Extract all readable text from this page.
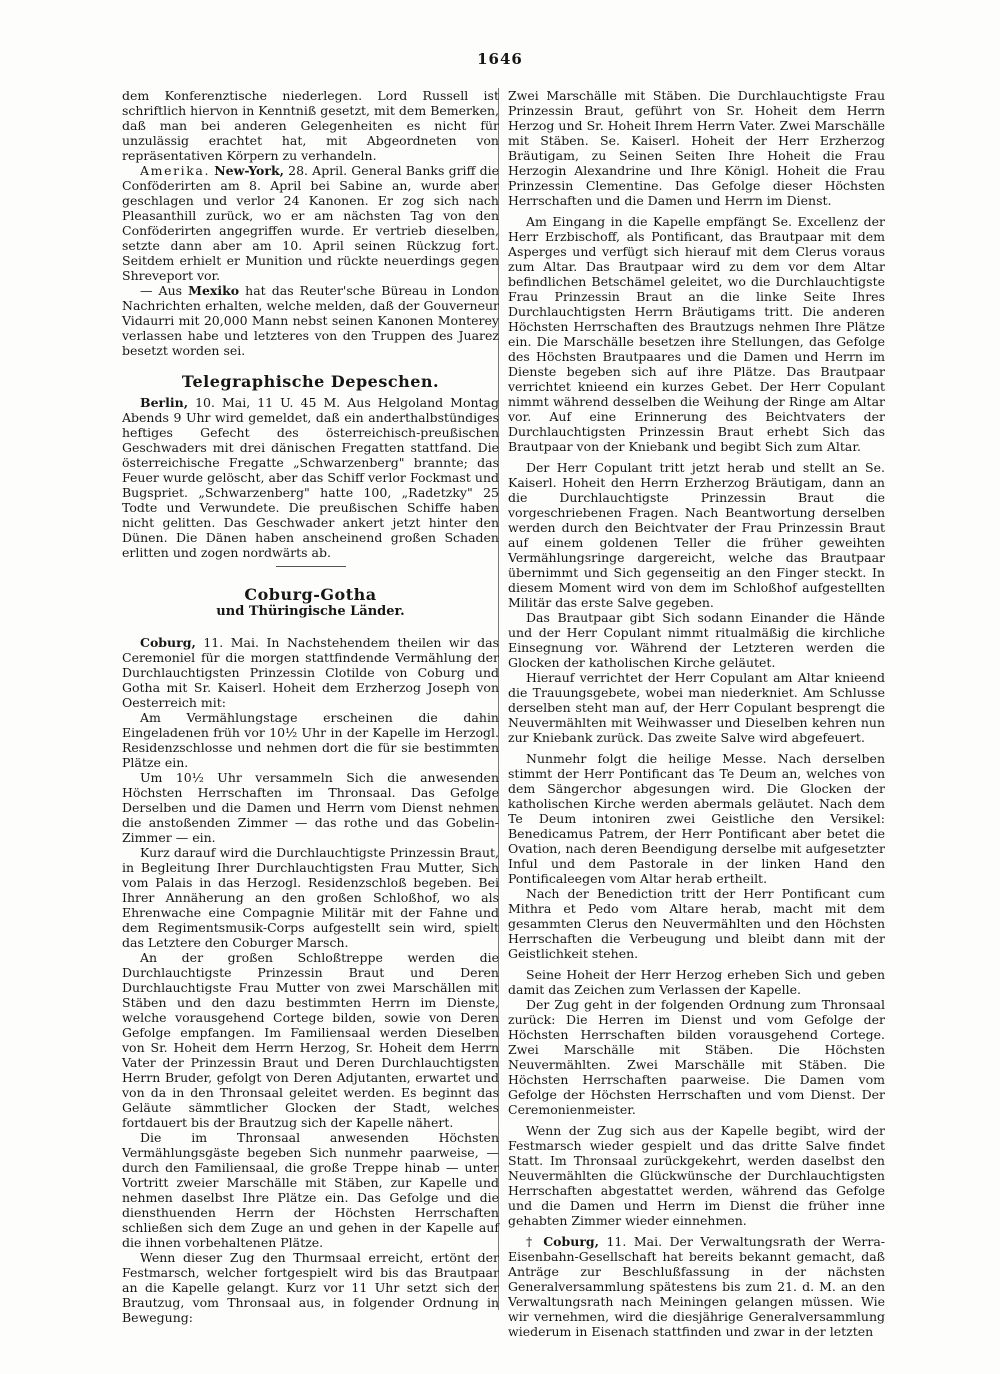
1646

dem Konferenztische niederlegen. Lord Russell ist schriftlich hiervon in Kenntniß gesetzt, mit dem Bemerken, daß man bei anderen Gelegenheiten es nicht für unzulässig erachtet hat, mit Abgeordneten von repräsentativen Körpern zu verhandeln.

Amerika. New-York, 28. April. General Banks griff die Conföderirten am 8. April bei Sabine an, wurde aber geschlagen und verlor 24 Kanonen. Er zog sich nach Pleasanthill zurück, wo er am nächsten Tag von den Conföderirten angegriffen wurde. Er vertrieb dieselben, setzte dann aber am 10. April seinen Rückzug fort. Seitdem erhielt er Munition und rückte neuerdings gegen Shreveport vor.

— Aus Mexiko hat das Reuter'sche Büreau in London Nachrichten erhalten, welche melden, daß der Gouverneur Vidaurri mit 20,000 Mann nebst seinen Kanonen Monterey verlassen habe und letzteres von den Truppen des Juarez besetzt worden sei.

Telegraphische Depeschen.

Berlin, 10. Mai, 11 U. 45 M. Aus Helgoland Montag Abends 9 Uhr wird gemeldet, daß ein anderthalbstündiges heftiges Gefecht des österreichisch-preußischen Geschwaders mit drei dänischen Fregatten stattfand. Die österreichische Fregatte „Schwarzenberg" brannte; das Feuer wurde gelöscht, aber das Schiff verlor Fockmast und Bugspriet. „Schwarzenberg" hatte 100, „Radetzky" 25 Todte und Verwundete. Die preußischen Schiffe haben nicht gelitten. Das Geschwader ankert jetzt hinter den Dünen. Die Dänen haben anscheinend großen Schaden erlitten und zogen nordwärts ab.

Coburg-Gotha
und Thüringische Länder.

Coburg, 11. Mai. In Nachstehendem theilen wir das Ceremoniel für die morgen stattfindende Vermählung der Durchlauchtigsten Prinzessin Clotilde von Coburg und Gotha mit Sr. Kaiserl. Hoheit dem Erzherzog Joseph von Oesterreich mit:

Am Vermählungstage erscheinen die dahin Eingeladenen früh vor 10½ Uhr in der Kapelle im Herzogl. Residenzschlosse und nehmen dort die für sie bestimmten Plätze ein.

Um 10½ Uhr versammeln Sich die anwesenden Höchsten Herrschaften im Thronsaal. Das Gefolge Derselben und die Damen und Herrn vom Dienst nehmen die anstoßenden Zimmer — das rothe und das Gobelin-Zimmer — ein.

Kurz darauf wird die Durchlauchtigste Prinzessin Braut, in Begleitung Ihrer Durchlauchtigsten Frau Mutter, Sich vom Palais in das Herzogl. Residenzschloß begeben. Bei Ihrer Annäherung an den großen Schloßhof, wo als Ehrenwache eine Compagnie Militär mit der Fahne und dem Regimentsmusik-Corps aufgestellt sein wird, spielt das Letztere den Coburger Marsch.

An der großen Schloßtreppe werden die Durchlauchtigste Prinzessin Braut und Deren Durchlauchtigste Frau Mutter von zwei Marschällen mit Stäben und den dazu bestimmten Herrn im Dienste, welche vorausgehend Cortege bilden, sowie von Deren Gefolge empfangen. Im Familiensaal werden Dieselben von Sr. Hoheit dem Herrn Herzog, Sr. Hoheit dem Herrn Vater der Prinzessin Braut und Deren Durchlauchtigsten Herrn Bruder, gefolgt von Deren Adjutanten, erwartet und von da in den Thronsaal geleitet werden. Es beginnt das Geläute sämmtlicher Glocken der Stadt, welches fortdauert bis der Brautzug sich der Kapelle nähert.

Die im Thronsaal anwesenden Höchsten Vermählungsgäste begeben Sich nunmehr paarweise, — durch den Familiensaal, die große Treppe hinab — unter Vortritt zweier Marschälle mit Stäben, zur Kapelle und nehmen daselbst Ihre Plätze ein. Das Gefolge und die diensthuenden Herrn der Höchsten Herrschaften schließen sich dem Zuge an und gehen in der Kapelle auf die ihnen vorbehaltenen Plätze.

Wenn dieser Zug den Thurmsaal erreicht, ertönt der Festmarsch, welcher fortgespielt wird bis das Brautpaar an die Kapelle gelangt. Kurz vor 11 Uhr setzt sich der Brautzug, vom Thronsaal aus, in folgender Ordnung in Bewegung:

Zwei Marschälle mit Stäben. Die Durchlauchtigste Frau Prinzessin Braut, geführt von Sr. Hoheit dem Herrn Herzog und Sr. Hoheit Ihrem Herrn Vater. Zwei Marschälle mit Stäben. Se. Kaiserl. Hoheit der Herr Erzherzog Bräutigam, zu Seinen Seiten Ihre Hoheit die Frau Herzogin Alexandrine und Ihre Königl. Hoheit die Frau Prinzessin Clementine. Das Gefolge dieser Höchsten Herrschaften und die Damen und Herrn im Dienst.

Am Eingang in die Kapelle empfängt Se. Excellenz der Herr Erzbischoff, als Pontificant, das Brautpaar mit dem Asperges und verfügt sich hierauf mit dem Clerus voraus zum Altar. Das Brautpaar wird zu dem vor dem Altar befindlichen Betschämel geleitet, wo die Durchlauchtigste Frau Prinzessin Braut an die linke Seite Ihres Durchlauchtigsten Herrn Bräutigams tritt. Die anderen Höchsten Herrschaften des Brautzugs nehmen Ihre Plätze ein. Die Marschälle besetzen ihre Stellungen, das Gefolge des Höchsten Brautpaares und die Damen und Herrn im Dienste begeben sich auf ihre Plätze. Das Brautpaar verrichtet knieend ein kurzes Gebet. Der Herr Copulant nimmt während desselben die Weihung der Ringe am Altar vor. Auf eine Erinnerung des Beichtvaters der Durchlauchtigsten Prinzessin Braut erhebt Sich das Brautpaar von der Kniebank und begibt Sich zum Altar.

Der Herr Copulant tritt jetzt herab und stellt an Se. Kaiserl. Hoheit den Herrn Erzherzog Bräutigam, dann an die Durchlauchtigste Prinzessin Braut die vorgeschriebenen Fragen. Nach Beantwortung derselben werden durch den Beichtvater der Frau Prinzessin Braut auf einem goldenen Teller die früher geweihten Vermählungsringe dargereicht, welche das Brautpaar übernimmt und Sich gegenseitig an den Finger steckt. In diesem Moment wird von dem im Schloßhof aufgestellten Militär das erste Salve gegeben.

Das Brautpaar gibt Sich sodann Einander die Hände und der Herr Copulant nimmt ritualmäßig die kirchliche Einsegnung vor. Während der Letzteren werden die Glocken der katholischen Kirche geläutet.

Hierauf verrichtet der Herr Copulant am Altar knieend die Trauungsgebete, wobei man niederkniet. Am Schlusse derselben steht man auf, der Herr Copulant besprengt die Neuvermählten mit Weihwasser und Dieselben kehren nun zur Kniebank zurück. Das zweite Salve wird abgefeuert.

Nunmehr folgt die heilige Messe. Nach derselben stimmt der Herr Pontificant das Te Deum an, welches von dem Sängerchor abgesungen wird. Die Glocken der katholischen Kirche werden abermals geläutet. Nach dem Te Deum intoniren zwei Geistliche den Versikel: Benedicamus Patrem, der Herr Pontificant aber betet die Ovation, nach deren Beendigung derselbe mit aufgesetzter Inful und dem Pastorale in der linken Hand den Pontificaleegen vom Altar herab ertheilt.

Nach der Benediction tritt der Herr Pontificant cum Mithra et Pedo vom Altare herab, macht mit dem gesammten Clerus den Neuvermählten und den Höchsten Herrschaften die Verbeugung und bleibt dann mit der Geistlichkeit stehen.

Seine Hoheit der Herr Herzog erheben Sich und geben damit das Zeichen zum Verlassen der Kapelle.

Der Zug geht in der folgenden Ordnung zum Thronsaal zurück: Die Herren im Dienst und vom Gefolge der Höchsten Herrschaften bilden vorausgehend Cortege. Zwei Marschälle mit Stäben. Die Höchsten Neuvermählten. Zwei Marschälle mit Stäben. Die Höchsten Herrschaften paarweise. Die Damen vom Gefolge der Höchsten Herrschaften und vom Dienst. Der Ceremonienmeister.

Wenn der Zug sich aus der Kapelle begibt, wird der Festmarsch wieder gespielt und das dritte Salve findet Statt. Im Thronsaal zurückgekehrt, werden daselbst den Neuvermählten die Glückwünsche der Durchlauchtigsten Herrschaften abgestattet werden, während das Gefolge und die Damen und Herrn im Dienst die früher inne gehabten Zimmer wieder einnehmen.

† Coburg, 11. Mai. Der Verwaltungsrath der Werra-Eisenbahn-Gesellschaft hat bereits bekannt gemacht, daß Anträge zur Beschlußfassung in der nächsten Generalversammlung spätestens bis zum 21. d. M. an den Verwaltungsrath nach Meiningen gelangen müssen. Wie wir vernehmen, wird die diesjährige Generalversammlung wiederum in Eisenach stattfinden und zwar in der letzten
